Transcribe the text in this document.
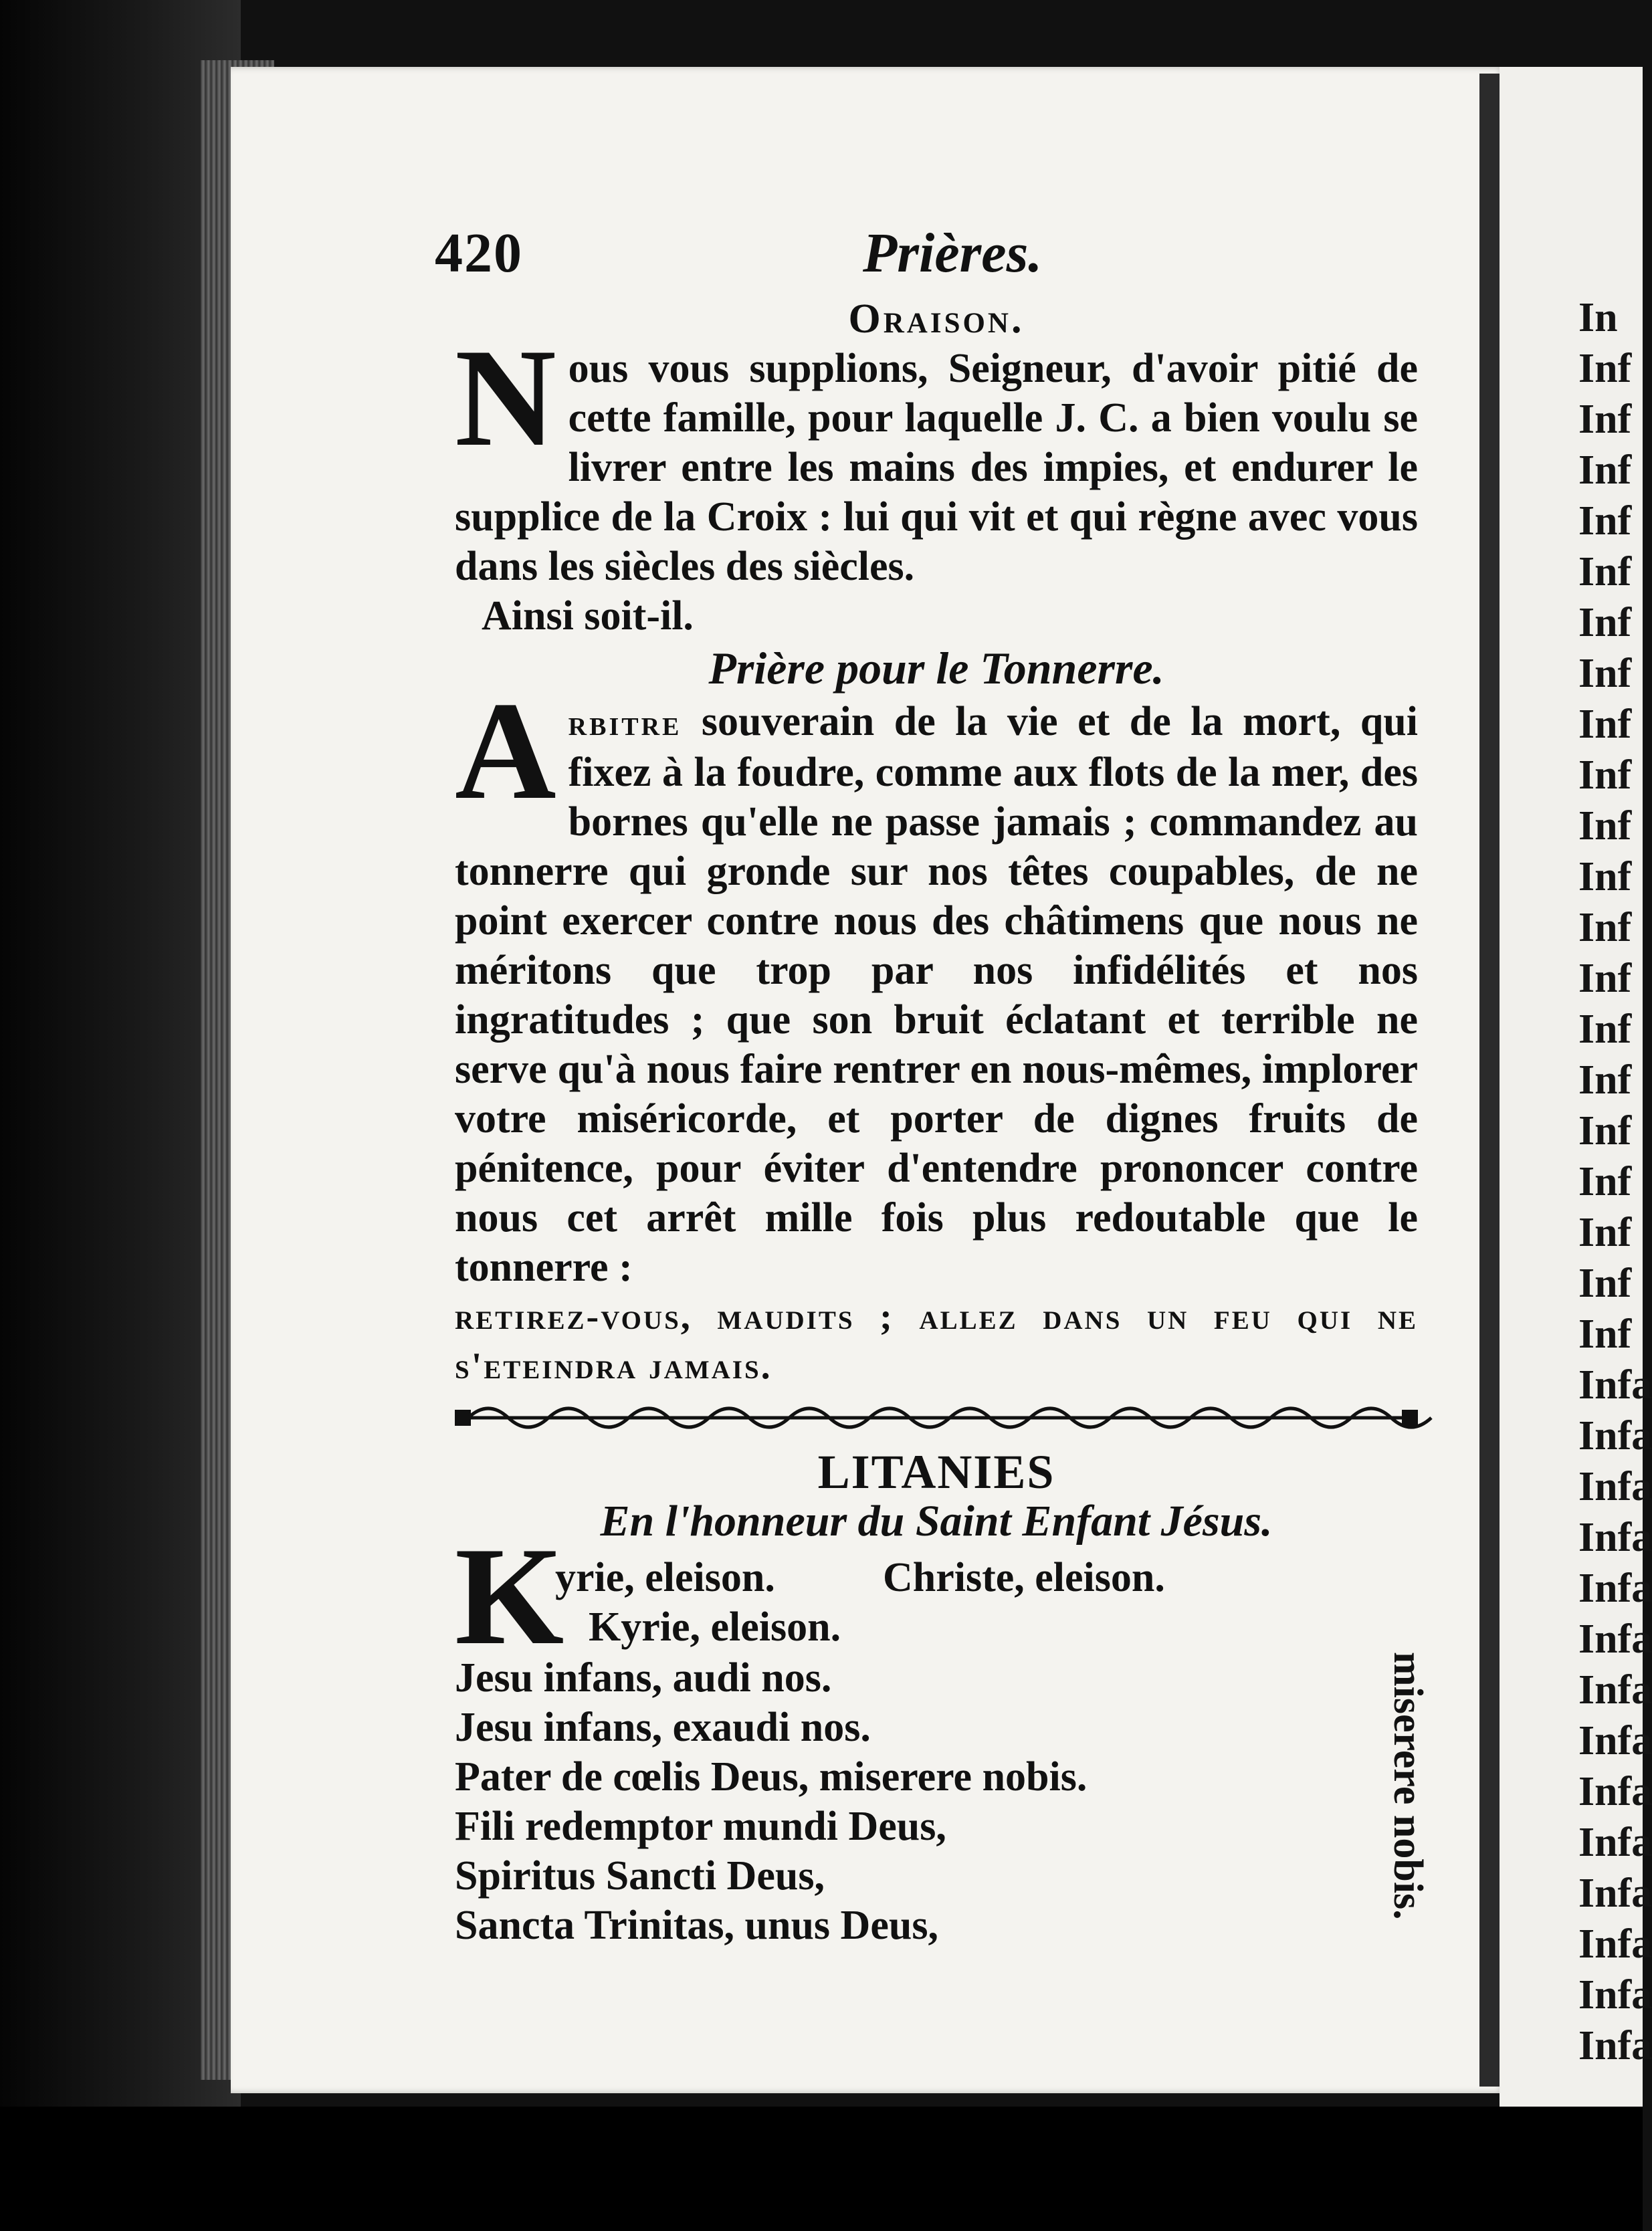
In
Inf
Inf
Inf
Inf
Inf
Inf
Inf
Inf
Inf
Inf
Inf
Inf
Inf
Inf
Inf
Inf
Inf
Inf
Inf
Inf
Infa
Infa
Infa
Infa
Infa
Infa
Infa
Infa
Infa
Infa
Infa
Infa
Infa
Infa
420	Prières.
Oraison.
Nous vous supplions, Seigneur, d'avoir pitié de cette famille, pour laquelle J. C. a bien voulu se livrer entre les mains des impies, et endurer le supplice de la Croix : lui qui vit et qui règne avec vous dans les siècles des siècles.
Ainsi soit-il.
Prière pour le Tonnerre.
Arbitre souverain de la vie et de la mort, qui fixez à la foudre, comme aux flots de la mer, des bornes qu'elle ne passe jamais ; commandez au tonnerre qui gronde sur nos têtes coupables, de ne point exercer contre nous des châtimens que nous ne méritons que trop par nos infidélités et nos ingratitudes ; que son bruit éclatant et terrible ne serve qu'à nous faire rentrer en nous-mêmes, implorer votre miséricorde, et porter de dignes fruits de pénitence, pour éviter d'entendre prononcer contre nous cet arrêt mille fois plus redoutable que le tonnerre :
retirez-vous, maudits ; allez dans un feu qui ne s'eteindra jamais.
LITANIES
En l'honneur du Saint Enfant Jésus.
K
yrie, eleison.	Christe, eleison.
Kyrie, eleison.
Jesu infans, audi nos.
Jesu infans, exaudi nos.
Pater de cœlis Deus, miserere nobis.
Fili redemptor mundi Deus,
Spiritus Sancti Deus,
Sancta Trinitas, unus Deus,
miserere nobis.
